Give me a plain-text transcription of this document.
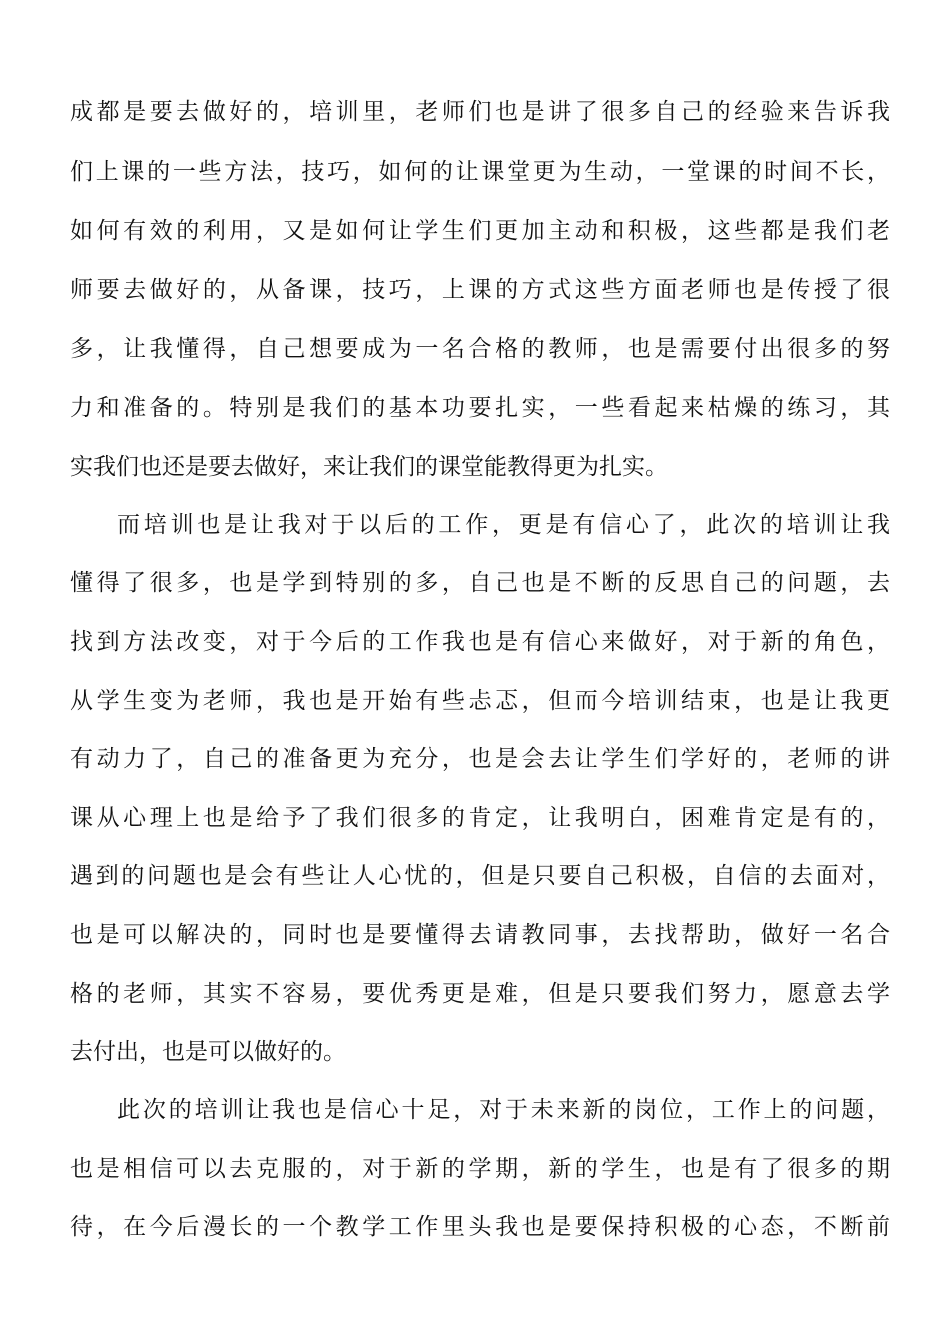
成都是要去做好的，培训里，老师们也是讲了很多自己的经验来告诉我
们上课的一些方法，技巧，如何的让课堂更为生动，一堂课的时间不长，
如何有效的利用，又是如何让学生们更加主动和积极，这些都是我们老
师要去做好的，从备课，技巧，上课的方式这些方面老师也是传授了很
多，让我懂得，自己想要成为一名合格的教师，也是需要付出很多的努
力和准备的。特别是我们的基本功要扎实，一些看起来枯燥的练习，其
实我们也还是要去做好，来让我们的课堂能教得更为扎实。
而培训也是让我对于以后的工作，更是有信心了，此次的培训让我
懂得了很多，也是学到特别的多，自己也是不断的反思自己的问题，去
找到方法改变，对于今后的工作我也是有信心来做好，对于新的角色，
从学生变为老师，我也是开始有些忐忑，但而今培训结束，也是让我更
有动力了，自己的准备更为充分，也是会去让学生们学好的，老师的讲
课从心理上也是给予了我们很多的肯定，让我明白，困难肯定是有的，
遇到的问题也是会有些让人心忧的，但是只要自己积极，自信的去面对，
也是可以解决的，同时也是要懂得去请教同事，去找帮助，做好一名合
格的老师，其实不容易，要优秀更是难，但是只要我们努力，愿意去学
去付出，也是可以做好的。
此次的培训让我也是信心十足，对于未来新的岗位，工作上的问题，
也是相信可以去克服的，对于新的学期，新的学生，也是有了很多的期
待，在今后漫长的一个教学工作里头我也是要保持积极的心态，不断前
